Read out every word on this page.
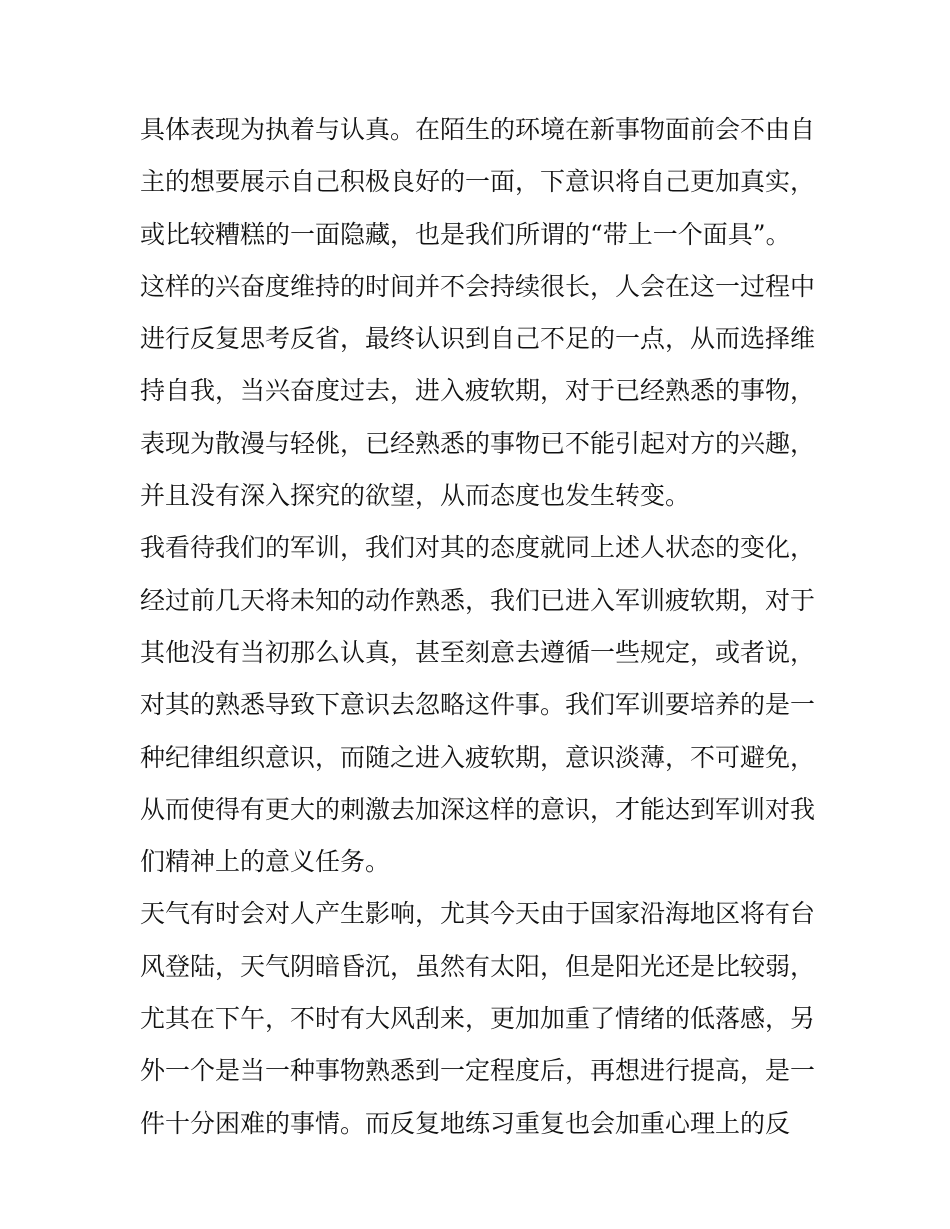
具体表现为执着与认真。在陌生的环境在新事物面前会不由自
主的想要展示自己积极良好的一面，下意识将自己更加真实，
或比较糟糕的一面隐藏，也是我们所谓的“带上一个面具”。
这样的兴奋度维持的时间并不会持续很长，人会在这一过程中
进行反复思考反省，最终认识到自己不足的一点，从而选择维
持自我，当兴奋度过去，进入疲软期，对于已经熟悉的事物，
表现为散漫与轻佻，已经熟悉的事物已不能引起对方的兴趣，
并且没有深入探究的欲望，从而态度也发生转变。
我看待我们的军训，我们对其的态度就同上述人状态的变化，
经过前几天将未知的动作熟悉，我们已进入军训疲软期，对于
其他没有当初那么认真，甚至刻意去遵循一些规定，或者说，
对其的熟悉导致下意识去忽略这件事。我们军训要培养的是一
种纪律组织意识，而随之进入疲软期，意识淡薄，不可避免，
从而使得有更大的刺激去加深这样的意识，才能达到军训对我
们精神上的意义任务。
天气有时会对人产生影响，尤其今天由于国家沿海地区将有台
风登陆，天气阴暗昏沉，虽然有太阳，但是阳光还是比较弱，
尤其在下午，不时有大风刮来，更加加重了情绪的低落感，另
外一个是当一种事物熟悉到一定程度后，再想进行提高，是一
件十分困难的事情。而反复地练习重复也会加重心理上的反
